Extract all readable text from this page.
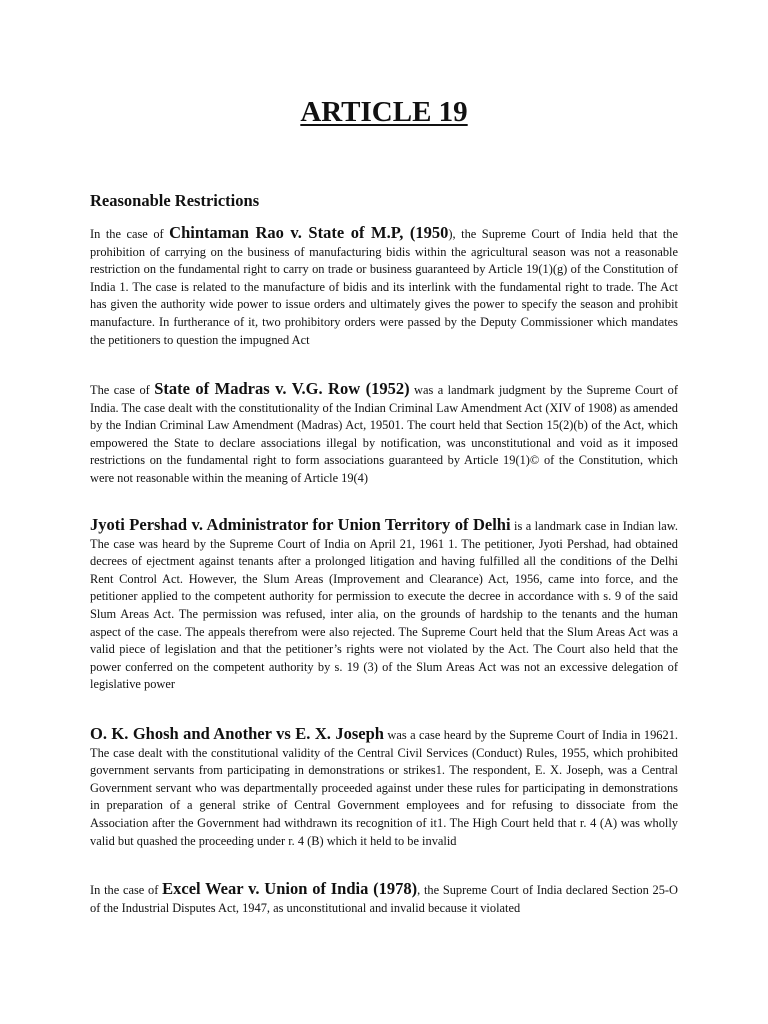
ARTICLE 19
Reasonable Restrictions

In the case of Chintaman Rao v. State of M.P, (1950), the Supreme Court of India held that the prohibition of carrying on the business of manufacturing bidis within the agricultural season was not a reasonable restriction on the fundamental right to carry on trade or business guaranteed by Article 19(1)(g) of the Constitution of India 1. The case is related to the manufacture of bidis and its interlink with the fundamental right to trade. The Act has given the authority wide power to issue orders and ultimately gives the power to specify the season and prohibit manufacture. In furtherance of it, two prohibitory orders were passed by the Deputy Commissioner which mandates the petitioners to question the impugned Act

The case of State of Madras v. V.G. Row (1952) was a landmark judgment by the Supreme Court of India. The case dealt with the constitutionality of the Indian Criminal Law Amendment Act (XIV of 1908) as amended by the Indian Criminal Law Amendment (Madras) Act, 19501. The court held that Section 15(2)(b) of the Act, which empowered the State to declare associations illegal by notification, was unconstitutional and void as it imposed restrictions on the fundamental right to form associations guaranteed by Article 19(1)© of the Constitution, which were not reasonable within the meaning of Article 19(4)

Jyoti Pershad v. Administrator for Union Territory of Delhi is a landmark case in Indian law. The case was heard by the Supreme Court of India on April 21, 1961 1. The petitioner, Jyoti Pershad, had obtained decrees of ejectment against tenants after a prolonged litigation and having fulfilled all the conditions of the Delhi Rent Control Act. However, the Slum Areas (Improvement and Clearance) Act, 1956, came into force, and the petitioner applied to the competent authority for permission to execute the decree in accordance with s. 9 of the said Slum Areas Act. The permission was refused, inter alia, on the grounds of hardship to the tenants and the human aspect of the case. The appeals therefrom were also rejected. The Supreme Court held that the Slum Areas Act was a valid piece of legislation and that the petitioner’s rights were not violated by the Act. The Court also held that the power conferred on the competent authority by s. 19 (3) of the Slum Areas Act was not an excessive delegation of legislative power

O. K. Ghosh and Another vs E. X. Joseph was a case heard by the Supreme Court of India in 19621. The case dealt with the constitutional validity of the Central Civil Services (Conduct) Rules, 1955, which prohibited government servants from participating in demonstrations or strikes1. The respondent, E. X. Joseph, was a Central Government servant who was departmentally proceeded against under these rules for participating in demonstrations in preparation of a general strike of Central Government employees and for refusing to dissociate from the Association after the Government had withdrawn its recognition of it1. The High Court held that r. 4 (A) was wholly valid but quashed the proceeding under r. 4 (B) which it held to be invalid

In the case of Excel Wear v. Union of India (1978), the Supreme Court of India declared Section 25-O of the Industrial Disputes Act, 1947, as unconstitutional and invalid because it violated
